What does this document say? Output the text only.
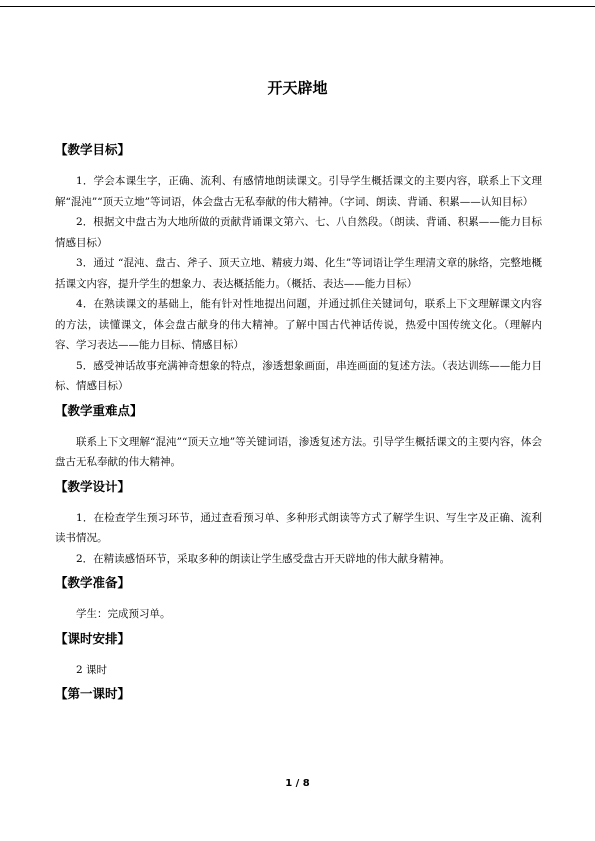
开天辟地
【教学目标】

1．学会本课生字，正确、流利、有感情地朗读课文。引导学生概括课文的主要内容，联系上下文理解“混沌”“顶天立地”等词语，体会盘古无私奉献的伟大精神。（字词、朗读、背诵、积累——认知目标）

2．根据文中盘古为大地所做的贡献背诵课文第六、七、八自然段。（朗读、背诵、积累——能力目标　情感目标）

3．通过 “混沌、盘古、斧子、顶天立地、精疲力竭、化生”等词语让学生理清文章的脉络，完整地概括课文内容，提升学生的想象力、表达概括能力。（概括、表达——能力目标）

4．在熟读课文的基础上，能有针对性地提出问题，并通过抓住关键词句，联系上下文理解课文内容的方法，读懂课文，体会盘古献身的伟大精神。了解中国古代神话传说，热爱中国传统文化。（理解内容、学习表达——能力目标、情感目标）

5．感受神话故事充满神奇想象的特点，渗透想象画面，串连画面的复述方法。（表达训练——能力目标、情感目标）

【教学重难点】

联系上下文理解“混沌”“顶天立地”等关键词语，渗透复述方法。引导学生概括课文的主要内容，体会盘古无私奉献的伟大精神。

【教学设计】

1．在检查学生预习环节，通过查看预习单、多种形式朗读等方式了解学生识、写生字及正确、流利读书情况。

2．在精读感悟环节，采取多种的朗读让学生感受盘古开天辟地的伟大献身精神。

【教学准备】

学生：完成预习单。

【课时安排】

2 课时

【第一课时】
1 / 8
